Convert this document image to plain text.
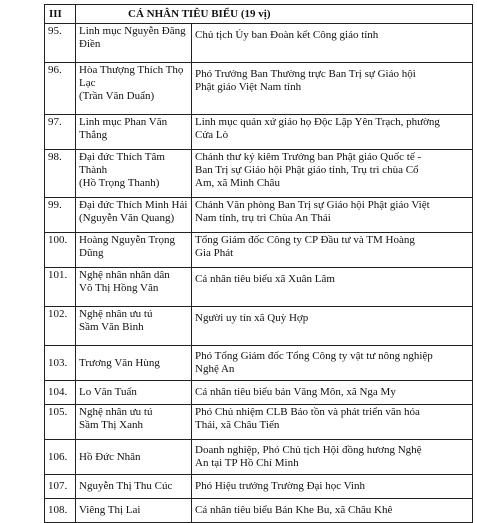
III	CÁ NHÂN TIÊU BIỂU (19 vị)	
95.	Linh mục Nguyễn Đăng
Điền	Chủ tịch Ủy ban Đoàn kết Công giáo tỉnh

96.	Hòa Thượng Thích Thọ
Lạc
(Trần Văn Duẩn)	Phó Trưởng Ban Thường trực Ban Trị sự Giáo hội
Phật giáo Việt Nam tỉnh

97.	Linh mục Phan Văn
Thắng	Linh mục quản xứ giáo họ Độc Lập Yên Trạch, phường
Cửa Lò

98.	Đại đức Thích Tâm
Thành
(Hồ Trọng Thanh)	Chánh thư ký kiêm Trưởng ban Phật giáo Quốc tế -
Ban Trị sự Giáo hội Phật giáo tỉnh, Trụ trì chùa Cổ
Am, xã Minh Châu

99.	Đại đức Thích Minh Hải
(Nguyễn Văn Quang)	Chánh Văn phòng Ban Trị sự Giáo hội Phật giáo Việt
Nam tỉnh, trụ trì Chùa An Thái

100.	Hoàng Nguyễn Trọng
Dũng	Tổng Giám đốc Công ty CP Đầu tư và TM Hoàng
Gia Phát

101.	Nghệ nhân nhân dân
Võ Thị Hồng Vân	Cá nhân tiêu biểu xã Xuân Lâm

102.	Nghệ nhân ưu tú
Sầm Văn Bình	Người uy tín xã Quỳ Hợp

103.	Trương Văn Hùng	Phó Tổng Giám đốc Tổng Công ty vật tư nông nghiệp
Nghệ An

104.	Lo Văn Tuấn	Cá nhân tiêu biểu bản Văng Môn, xã Nga My

105.	Nghệ nhân ưu tú
Sầm Thị Xanh	Phó Chủ nhiệm CLB Bảo tồn và phát triển văn hóa
Thái, xã Châu Tiến

106.	Hồ Đức Nhân	Doanh nghiệp, Phó Chủ tịch Hội đồng hương Nghệ
An tại TP Hồ Chí Minh

107.	Nguyễn Thị Thu Cúc	Phó Hiệu trưởng Trường Đại học Vinh

108.	Viêng Thị Lai	Cá nhân tiêu biểu Bản Khe Bu, xã Châu Khê
